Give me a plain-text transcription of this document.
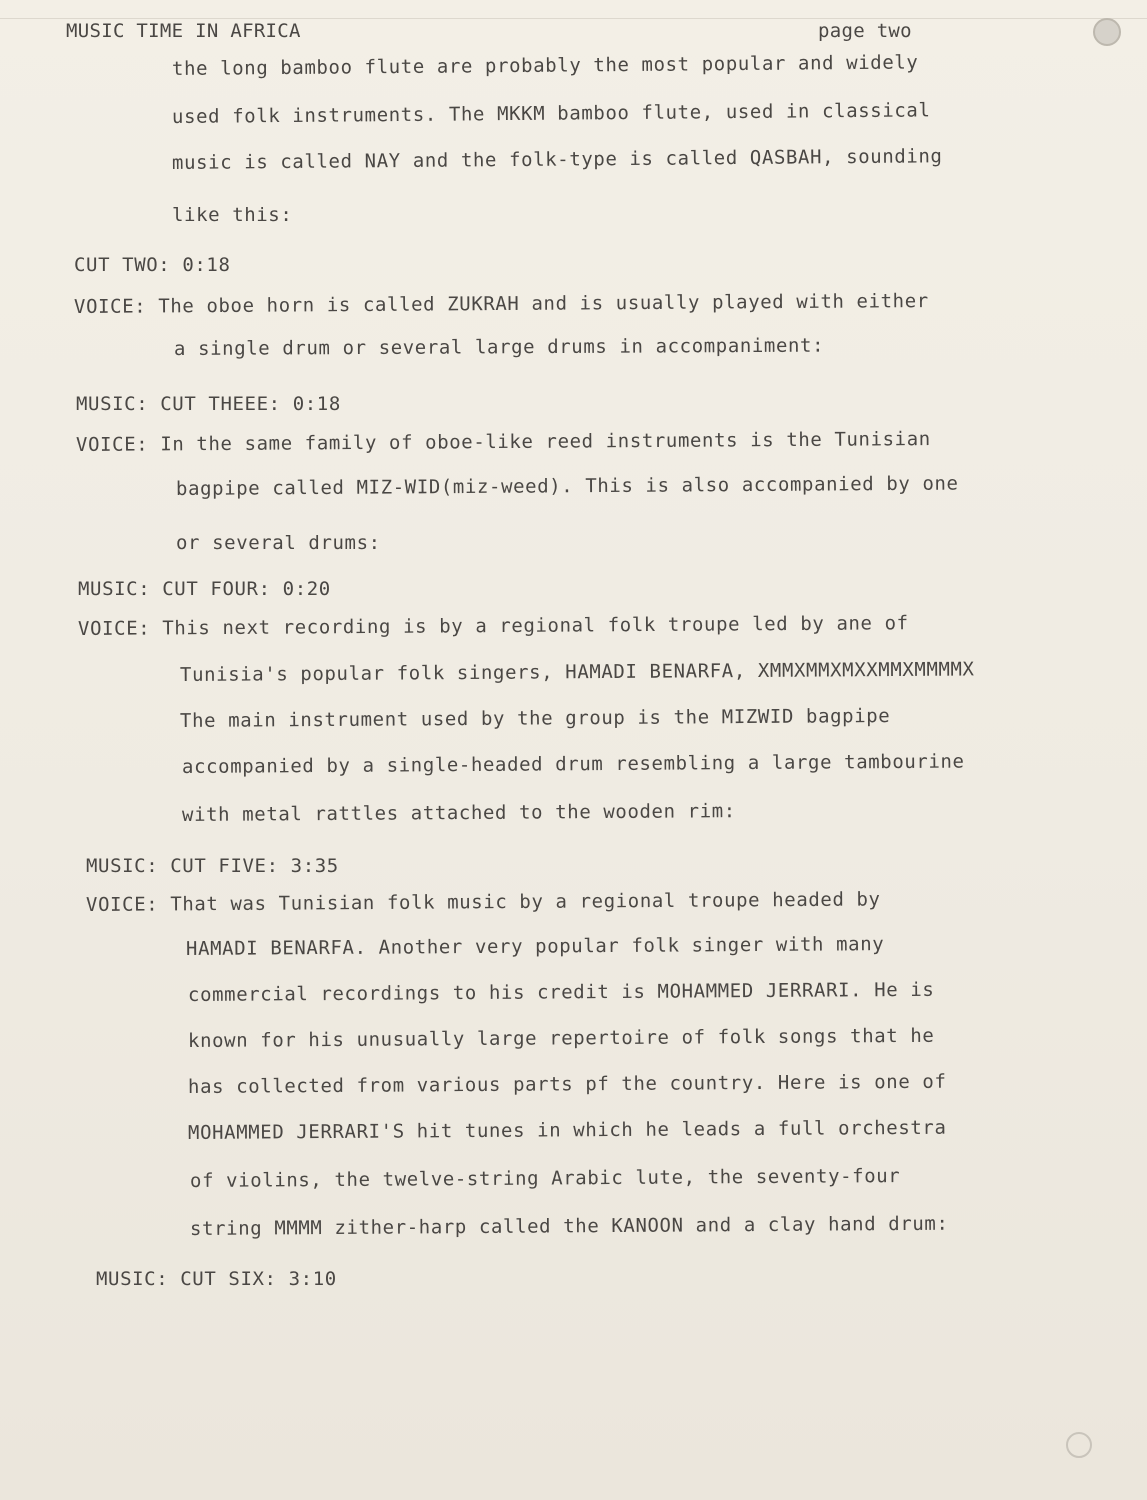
MUSIC TIME IN AFRICA	page two
the long bamboo flute are probably the most popular and widely
used folk instruments. The MKKM bamboo flute, used in classical
music is called NAY and the folk-type is called QASBAH, sounding
like this:
CUT TWO: 0:18
VOICE: The oboe horn is called ZUKRAH and is usually played with either
a single drum or several large drums in accompaniment:
MUSIC: CUT THEEE: 0:18
VOICE: In the same family of oboe-like reed instruments is the Tunisian
bagpipe called MIZ-WID(miz-weed). This is also accompanied by one
or several drums:
MUSIC: CUT FOUR: 0:20
VOICE: This next recording is by a regional folk troupe led by ane of
Tunisia's popular folk singers, HAMADI BENARFA, XMMXMMXMXXMMXMMMMX
The main instrument used by the group is the MIZWID bagpipe
accompanied by a single-headed drum resembling a large tambourine
with metal rattles attached to the wooden rim:
MUSIC: CUT FIVE: 3:35
VOICE: That was Tunisian folk music by a regional troupe headed by
HAMADI BENARFA. Another very popular folk singer with many
commercial recordings to his credit is MOHAMMED JERRARI. He is
known for his unusually large repertoire of folk songs that he
has collected from various parts pf the country. Here is one of
MOHAMMED JERRARI'S hit tunes in which he leads a full orchestra
of violins, the twelve-string Arabic lute, the seventy-four
string MMMM zither-harp called the KANOON and a clay hand drum:
MUSIC: CUT SIX: 3:10
